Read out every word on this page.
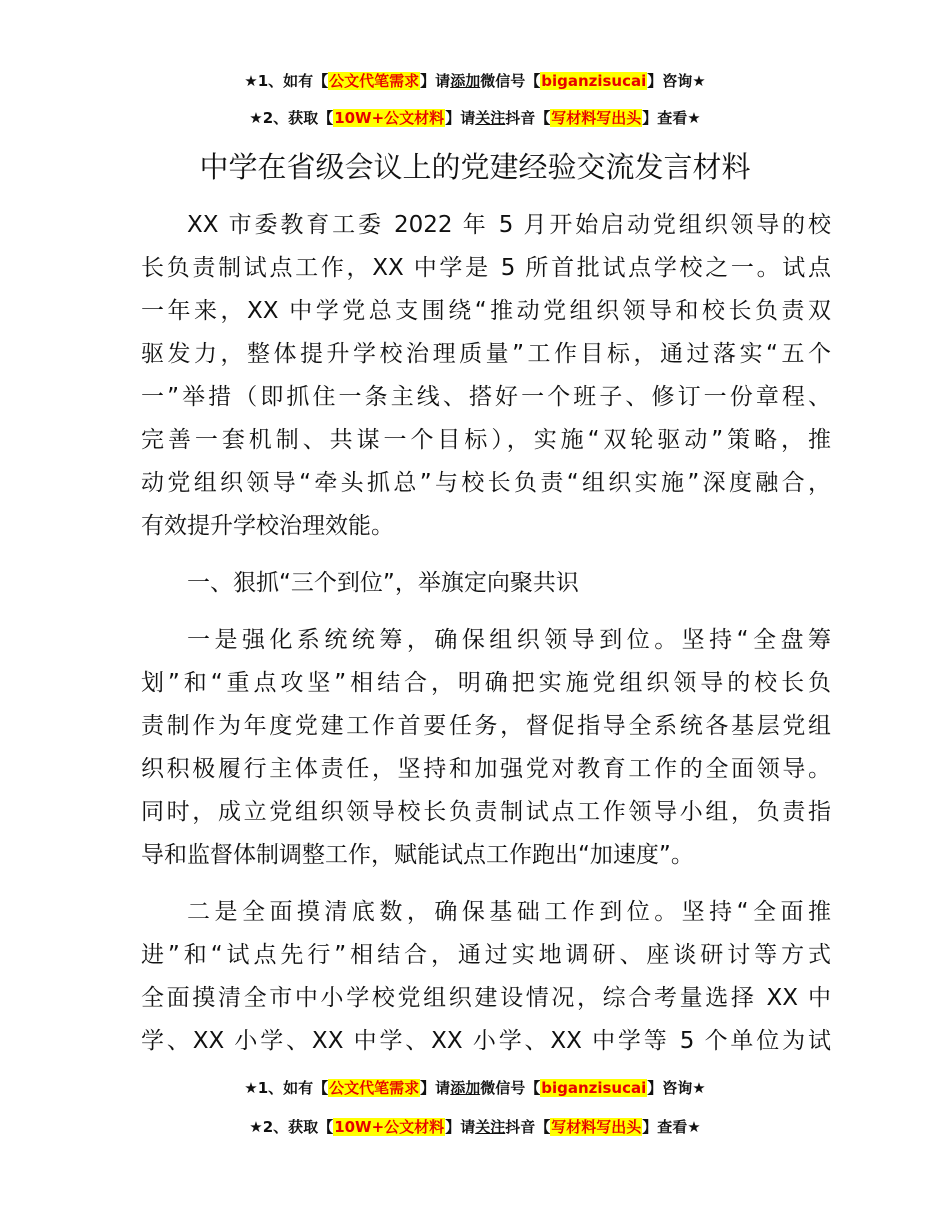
★1、如有【公文代笔需求】请添加微信号【biganzisucai】咨询★
★2、获取【10W+公文材料】请关注抖音【写材料写出头】查看★
中学在省级会议上的党建经验交流发言材料
XX 市委教育工委 2022 年 5 月开始启动党组织领导的校
长负责制试点工作，XX 中学是 5 所首批试点学校之一。试点
一年来，XX 中学党总支围绕“推动党组织领导和校长负责双
驱发力，整体提升学校治理质量”工作目标，通过落实“五个
一”举措（即抓住一条主线、搭好一个班子、修订一份章程、
完善一套机制、共谋一个目标），实施“双轮驱动”策略，推
动党组织领导“牵头抓总”与校长负责“组织实施”深度融合，
有效提升学校治理效能。
一、狠抓“三个到位”，举旗定向聚共识
一是强化系统统筹，确保组织领导到位。坚持“全盘筹
划”和“重点攻坚”相结合，明确把实施党组织领导的校长负
责制作为年度党建工作首要任务，督促指导全系统各基层党组
织积极履行主体责任，坚持和加强党对教育工作的全面领导。
同时，成立党组织领导校长负责制试点工作领导小组，负责指
导和监督体制调整工作，赋能试点工作跑出“加速度”。
二是全面摸清底数，确保基础工作到位。坚持“全面推
进”和“试点先行”相结合，通过实地调研、座谈研讨等方式
全面摸清全市中小学校党组织建设情况，综合考量选择 XX 中
学、XX 小学、XX 中学、XX 小学、XX 中学等 5 个单位为试
★1、如有【公文代笔需求】请添加微信号【biganzisucai】咨询★
★2、获取【10W+公文材料】请关注抖音【写材料写出头】查看★
